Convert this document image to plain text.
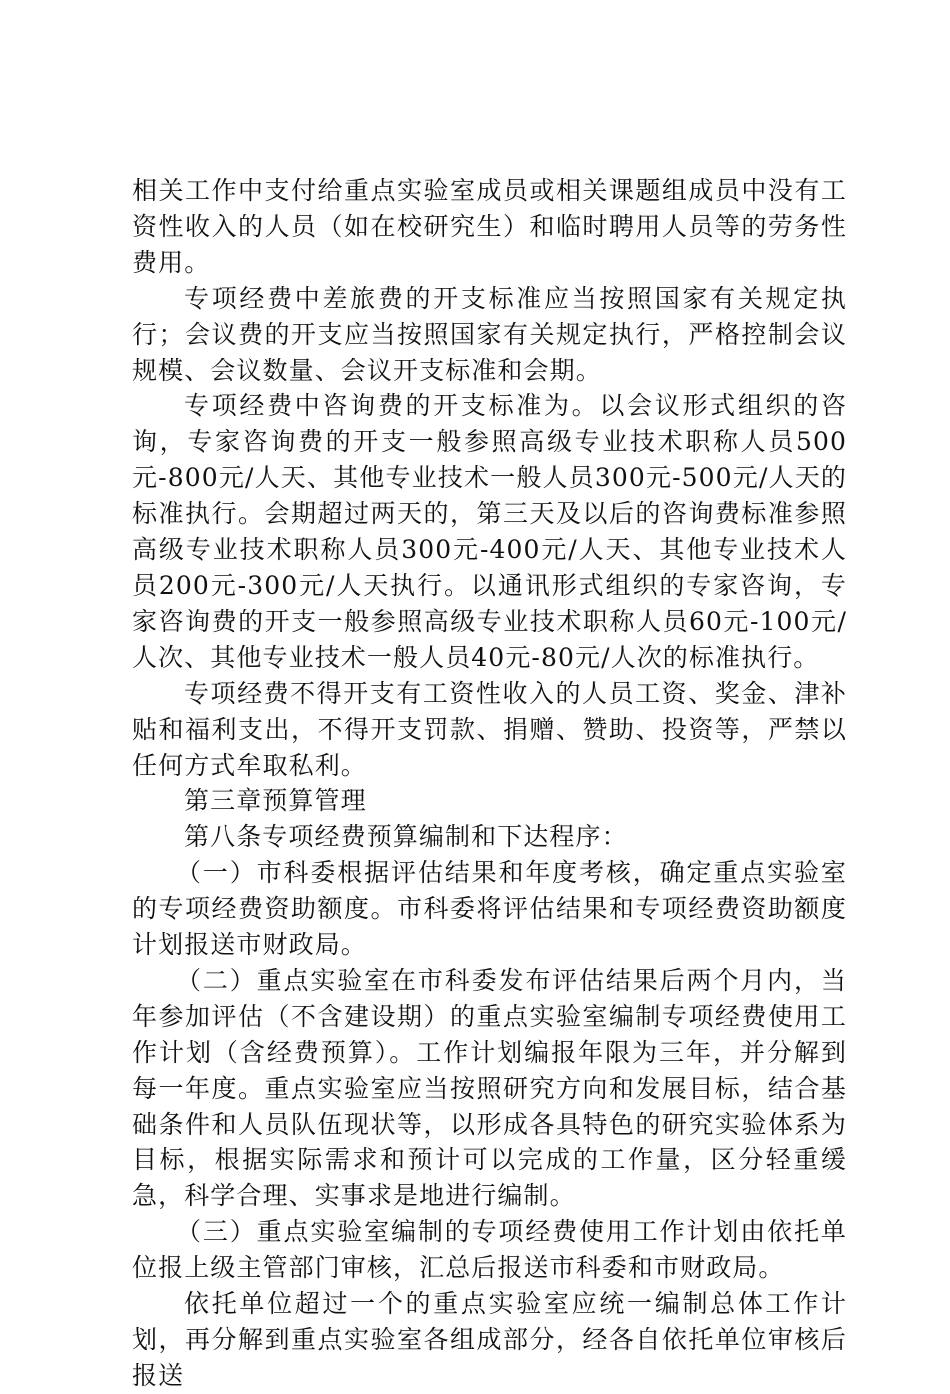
相关工作中支付给重点实验室成员或相关课题组成员中没有工资性收入的人员（如在校研究生）和临时聘用人员等的劳务性费用。

专项经费中差旅费的开支标准应当按照国家有关规定执行；会议费的开支应当按照国家有关规定执行，严格控制会议规模、会议数量、会议开支标准和会期。

专项经费中咨询费的开支标准为。以会议形式组织的咨询，专家咨询费的开支一般参照高级专业技术职称人员500元-800元/人天、其他专业技术一般人员300元-500元/人天的标准执行。会期超过两天的，第三天及以后的咨询费标准参照高级专业技术职称人员300元-400元/人天、其他专业技术人员200元-300元/人天执行。以通讯形式组织的专家咨询，专家咨询费的开支一般参照高级专业技术职称人员60元-100元/人次、其他专业技术一般人员40元-80元/人次的标准执行。

专项经费不得开支有工资性收入的人员工资、奖金、津补贴和福利支出，不得开支罚款、捐赠、赞助、投资等，严禁以任何方式牟取私利。

第三章预算管理

第八条专项经费预算编制和下达程序：

（一）市科委根据评估结果和年度考核，确定重点实验室的专项经费资助额度。市科委将评估结果和专项经费资助额度计划报送市财政局。

（二）重点实验室在市科委发布评估结果后两个月内，当年参加评估（不含建设期）的重点实验室编制专项经费使用工作计划（含经费预算）。工作计划编报年限为三年，并分解到每一年度。重点实验室应当按照研究方向和发展目标，结合基础条件和人员队伍现状等，以形成各具特色的研究实验体系为目标，根据实际需求和预计可以完成的工作量，区分轻重缓急，科学合理、实事求是地进行编制。

（三）重点实验室编制的专项经费使用工作计划由依托单位报上级主管部门审核，汇总后报送市科委和市财政局。

依托单位超过一个的重点实验室应统一编制总体工作计划，再分解到重点实验室各组成部分，经各自依托单位审核后报送
